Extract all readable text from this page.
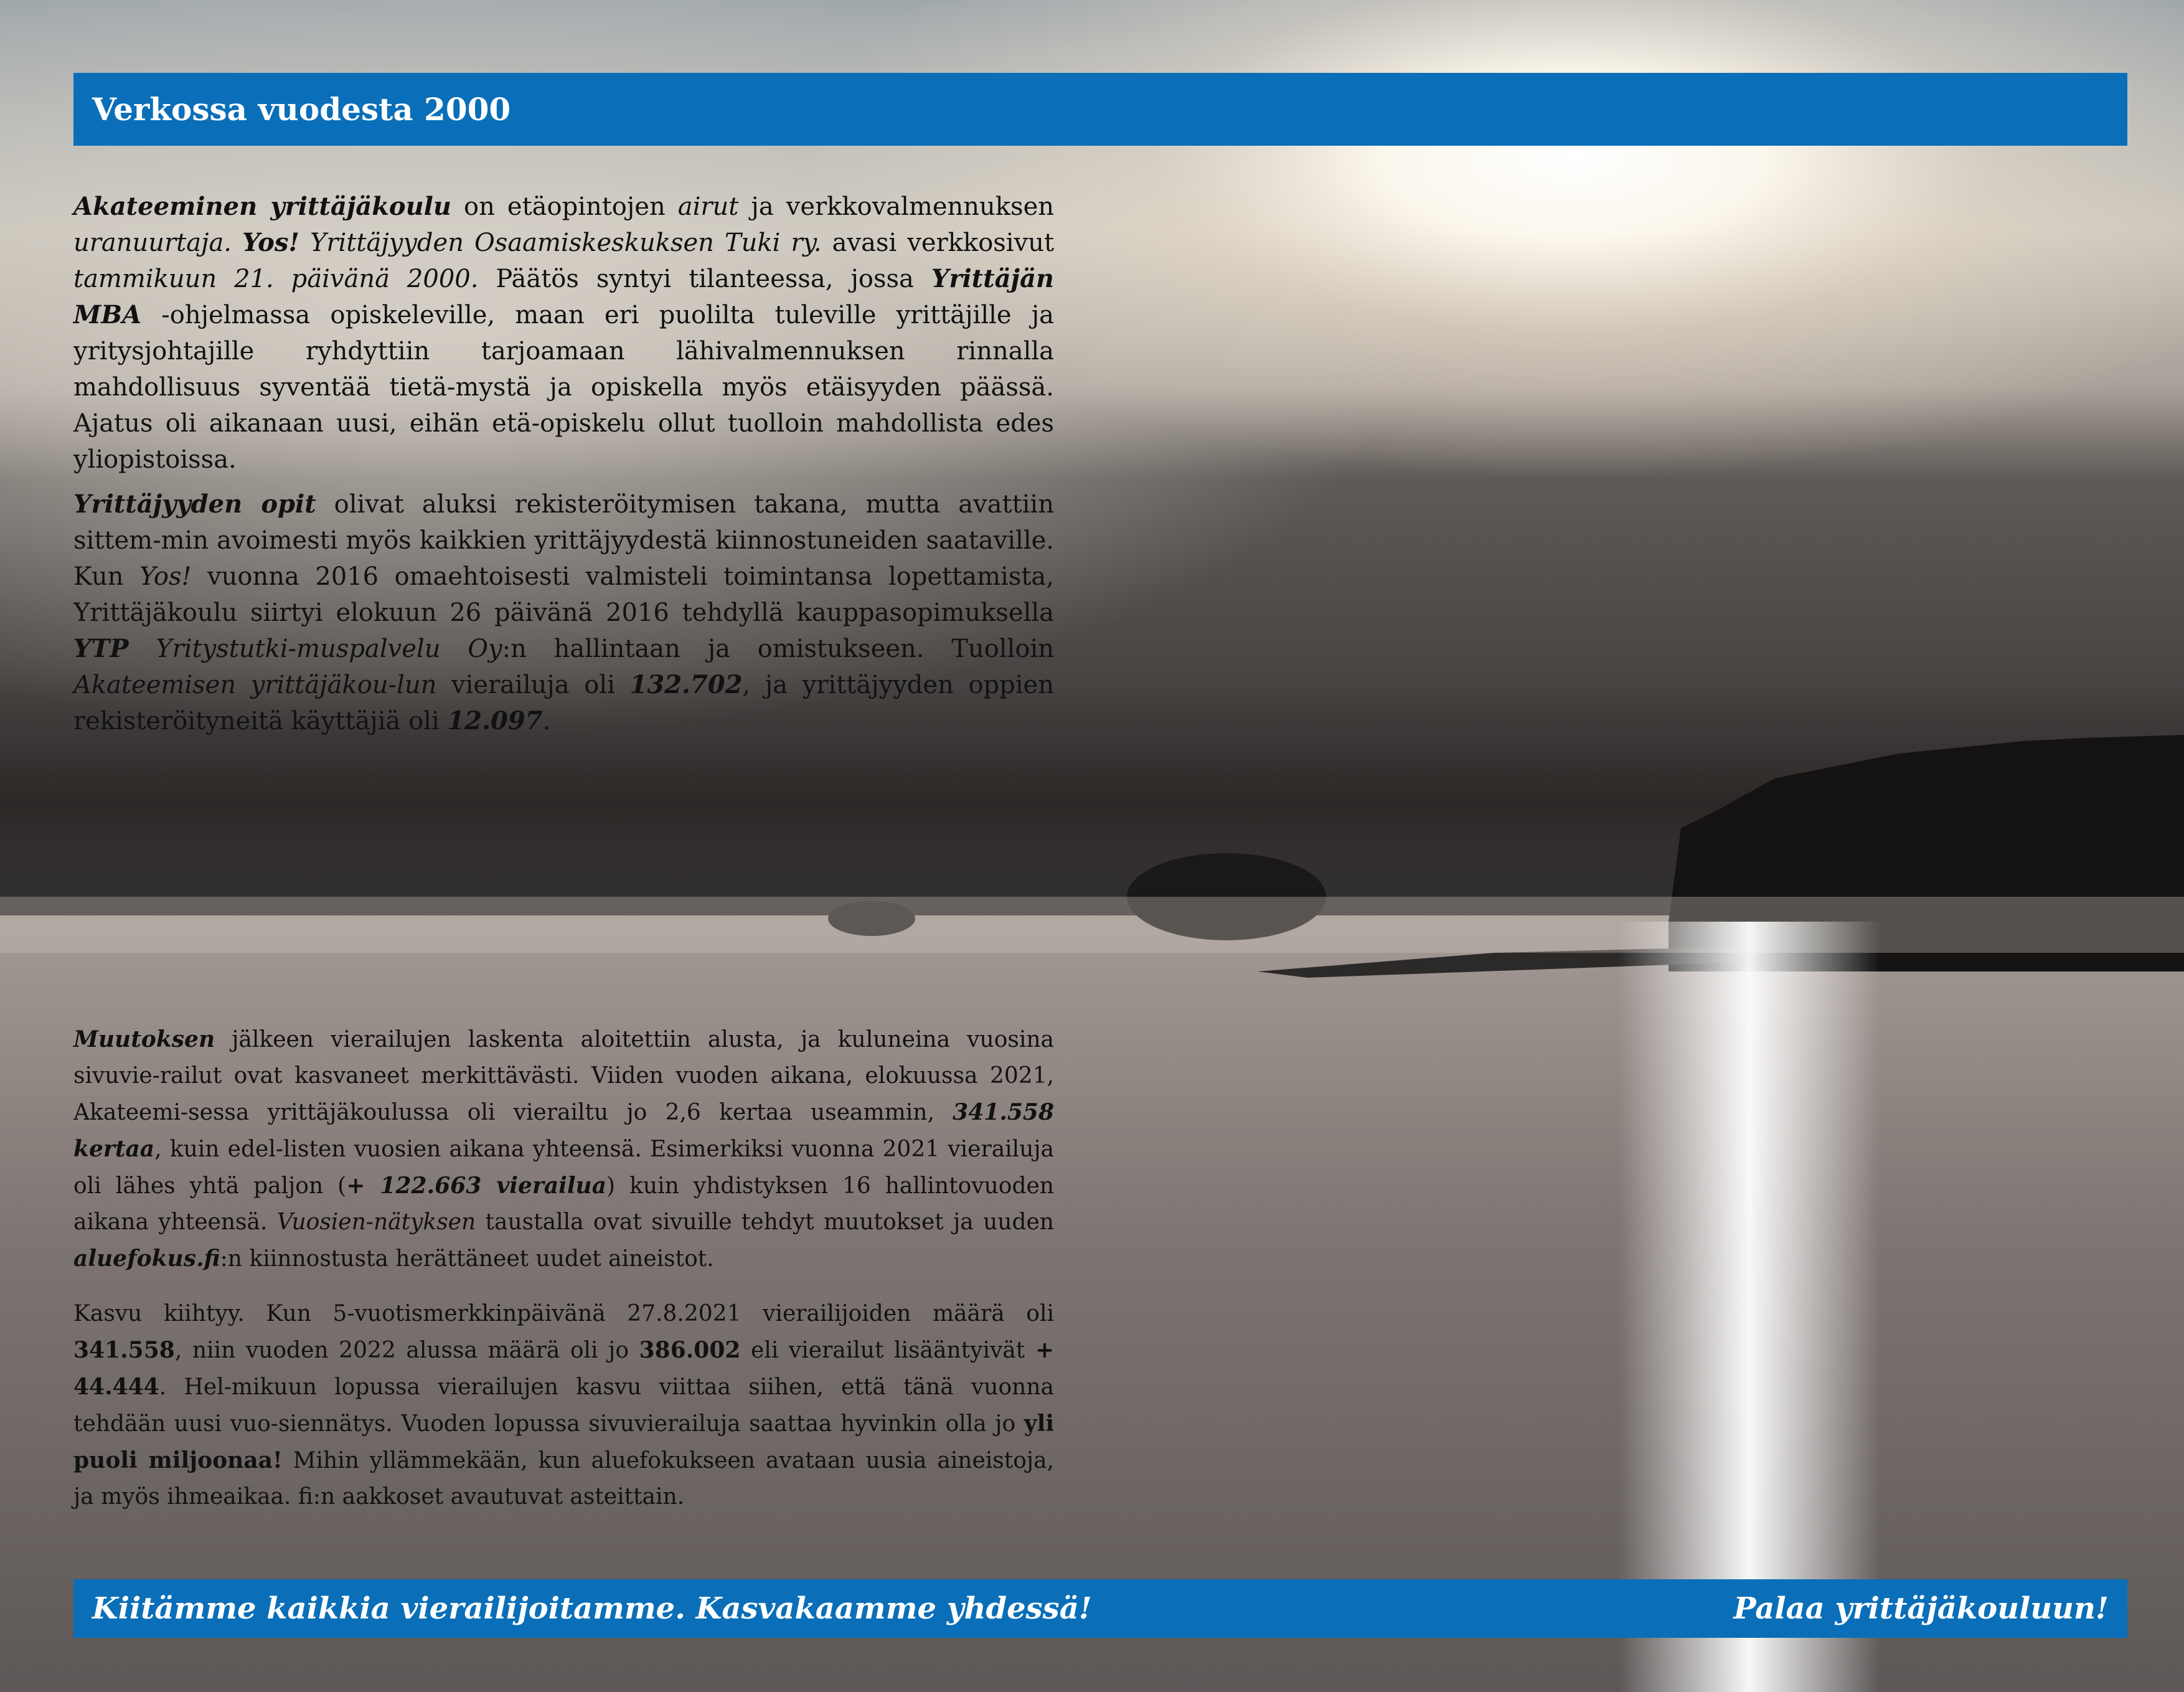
Verkossa vuodesta 2000

Akateeminen yrittäjäkoulu on etäopintojen airut ja verkkovalmennuksen uranuurtaja. Yos! Yrittäjyyden Osaamiskeskuksen Tuki ry. avasi verkkosivut tammikuun 21. päivänä 2000. Päätös syntyi tilanteessa, jossa Yrittäjän MBA -ohjelmassa opiskeleville, maan eri puolilta tuleville yrittäjille ja yritysjohtajille ryhdyttiin tarjoamaan lähivalmennuksen rinnalla mahdollisuus syventää tietä-mystä ja opiskella myös etäisyyden päässä. Ajatus oli aikanaan uusi, eihän etä-opiskelu ollut tuolloin mahdollista edes yliopistoissa.

Yrittäjyyden opit olivat aluksi rekisteröitymisen takana, mutta avattiin sittem-min avoimesti myös kaikkien yrittäjyydestä kiinnostuneiden saataville. Kun Yos! vuonna 2016 omaehtoisesti valmisteli toimintansa lopettamista, Yrittäjäkoulu siirtyi elokuun 26 päivänä 2016 tehdyllä kauppasopimuksella YTP Yritystutki-muspalvelu Oy:n hallintaan ja omistukseen. Tuolloin Akateemisen yrittäjäkou-lun vierailuja oli 132.702, ja yrittäjyyden oppien rekisteröityneitä käyttäjiä oli 12.097.

Muutoksen jälkeen vierailujen laskenta aloitettiin alusta, ja kuluneina vuosina sivuvie-railut ovat kasvaneet merkittävästi. Viiden vuoden aikana, elokuussa 2021, Akateemi-sessa yrittäjäkoulussa oli vierailtu jo 2,6 kertaa useammin, 341.558 kertaa, kuin edel-listen vuosien aikana yhteensä. Esimerkiksi vuonna 2021 vierailuja oli lähes yhtä paljon (+ 122.663 vierailua) kuin yhdistyksen 16 hallintovuoden aikana yhteensä. Vuosien-nätyksen taustalla ovat sivuille tehdyt muutokset ja uuden aluefokus.fi:n kiinnostusta herättäneet uudet aineistot.

Kasvu kiihtyy. Kun 5-vuotismerkkinpäivänä 27.8.2021 vierailijoiden määrä oli 341.558, niin vuoden 2022 alussa määrä oli jo 386.002 eli vierailut lisääntyivät + 44.444. Hel-mikuun lopussa vierailujen kasvu viittaa siihen, että tänä vuonna tehdään uusi vuo-siennätys. Vuoden lopussa sivuvierailuja saattaa hyvinkin olla jo yli puoli miljoonaa! Mihin yllämmekään, kun aluefokukseen avataan uusia aineistoja, ja myös ihmeaikaa. fi:n aakkoset avautuvat asteittain.

Kiitämme kaikkia vierailijoitamme. Kasvakaamme yhdessä!	Palaa yrittäjäkouluun!
